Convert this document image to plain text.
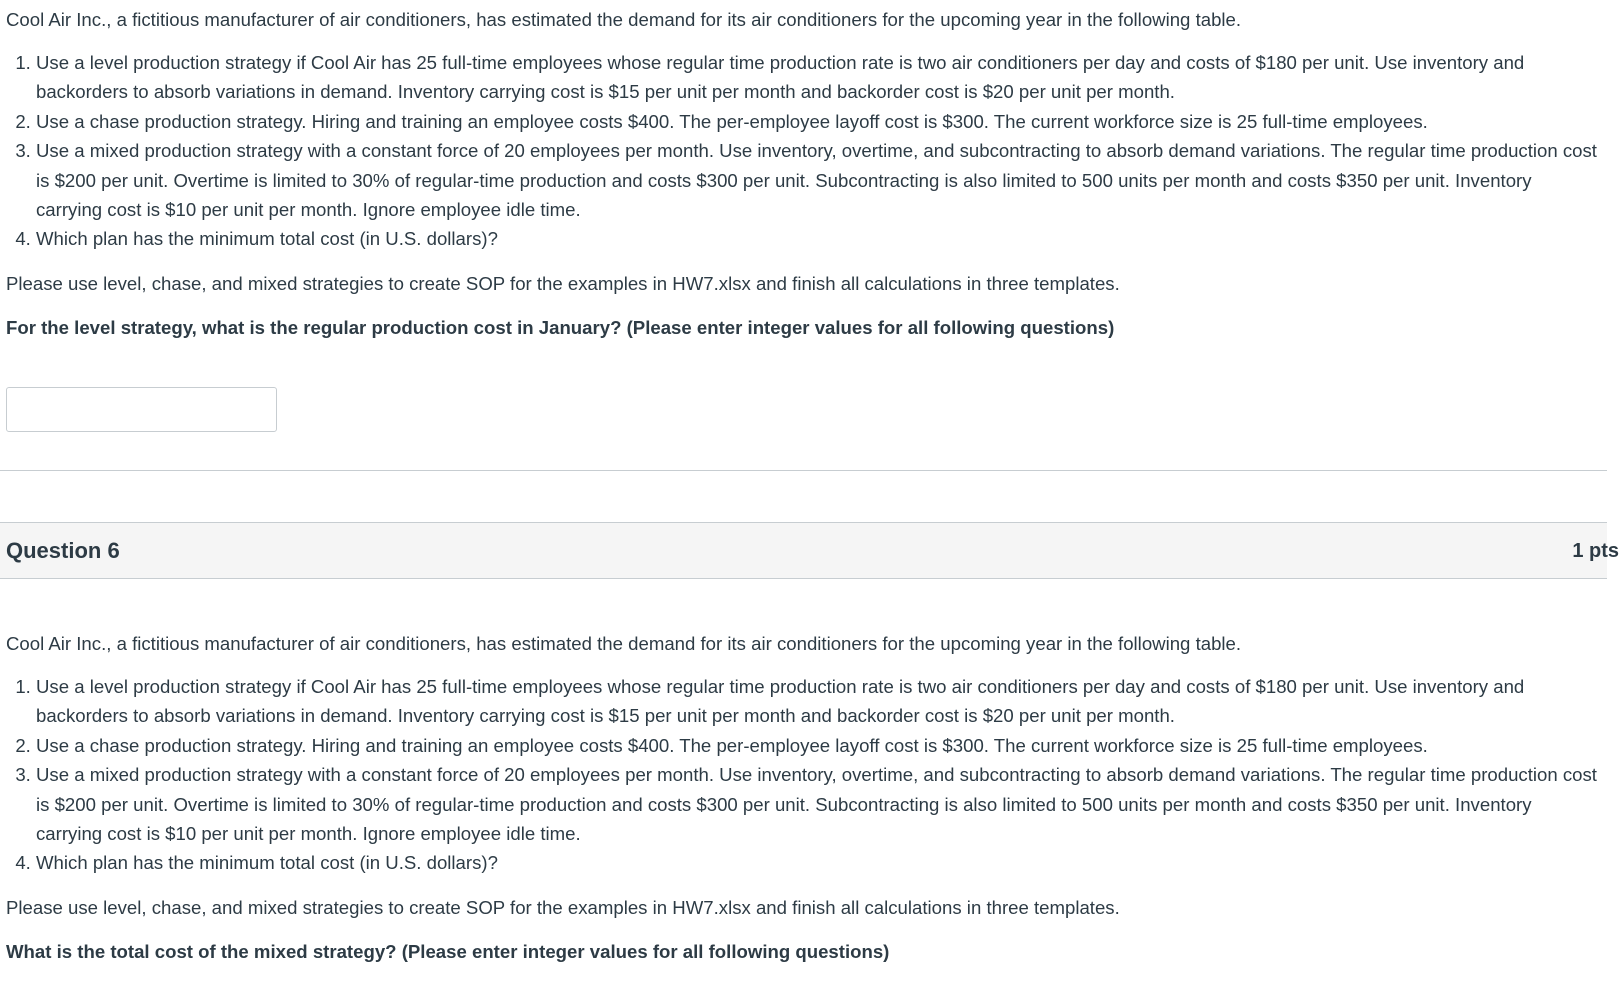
Cool Air Inc., a fictitious manufacturer of air conditioners, has estimated the demand for its air conditioners for the upcoming year in the following table.

1. Use a level production strategy if Cool Air has 25 full-time employees whose regular time production rate is two air conditioners per day and costs of $180 per unit. Use inventory and backorders to absorb variations in demand. Inventory carrying cost is $15 per unit per month and backorder cost is $20 per unit per month.
2. Use a chase production strategy. Hiring and training an employee costs $400. The per-employee layoff cost is $300. The current workforce size is 25 full-time employees.
3. Use a mixed production strategy with a constant force of 20 employees per month. Use inventory, overtime, and subcontracting to absorb demand variations. The regular time production cost is $200 per unit. Overtime is limited to 30% of regular-time production and costs $300 per unit. Subcontracting is also limited to 500 units per month and costs $350 per unit. Inventory carrying cost is $10 per unit per month. Ignore employee idle time.
4. Which plan has the minimum total cost (in U.S. dollars)?

Please use level, chase, and mixed strategies to create SOP for the examples in HW7.xlsx and finish all calculations in three templates.

For the level strategy, what is the regular production cost in January? (Please enter integer values for all following questions)

Question 6	1 pts

Cool Air Inc., a fictitious manufacturer of air conditioners, has estimated the demand for its air conditioners for the upcoming year in the following table.

1. Use a level production strategy if Cool Air has 25 full-time employees whose regular time production rate is two air conditioners per day and costs of $180 per unit. Use inventory and backorders to absorb variations in demand. Inventory carrying cost is $15 per unit per month and backorder cost is $20 per unit per month.
2. Use a chase production strategy. Hiring and training an employee costs $400. The per-employee layoff cost is $300. The current workforce size is 25 full-time employees.
3. Use a mixed production strategy with a constant force of 20 employees per month. Use inventory, overtime, and subcontracting to absorb demand variations. The regular time production cost is $200 per unit. Overtime is limited to 30% of regular-time production and costs $300 per unit. Subcontracting is also limited to 500 units per month and costs $350 per unit. Inventory carrying cost is $10 per unit per month. Ignore employee idle time.
4. Which plan has the minimum total cost (in U.S. dollars)?

Please use level, chase, and mixed strategies to create SOP for the examples in HW7.xlsx and finish all calculations in three templates.

What is the total cost of the mixed strategy? (Please enter integer values for all following questions)
